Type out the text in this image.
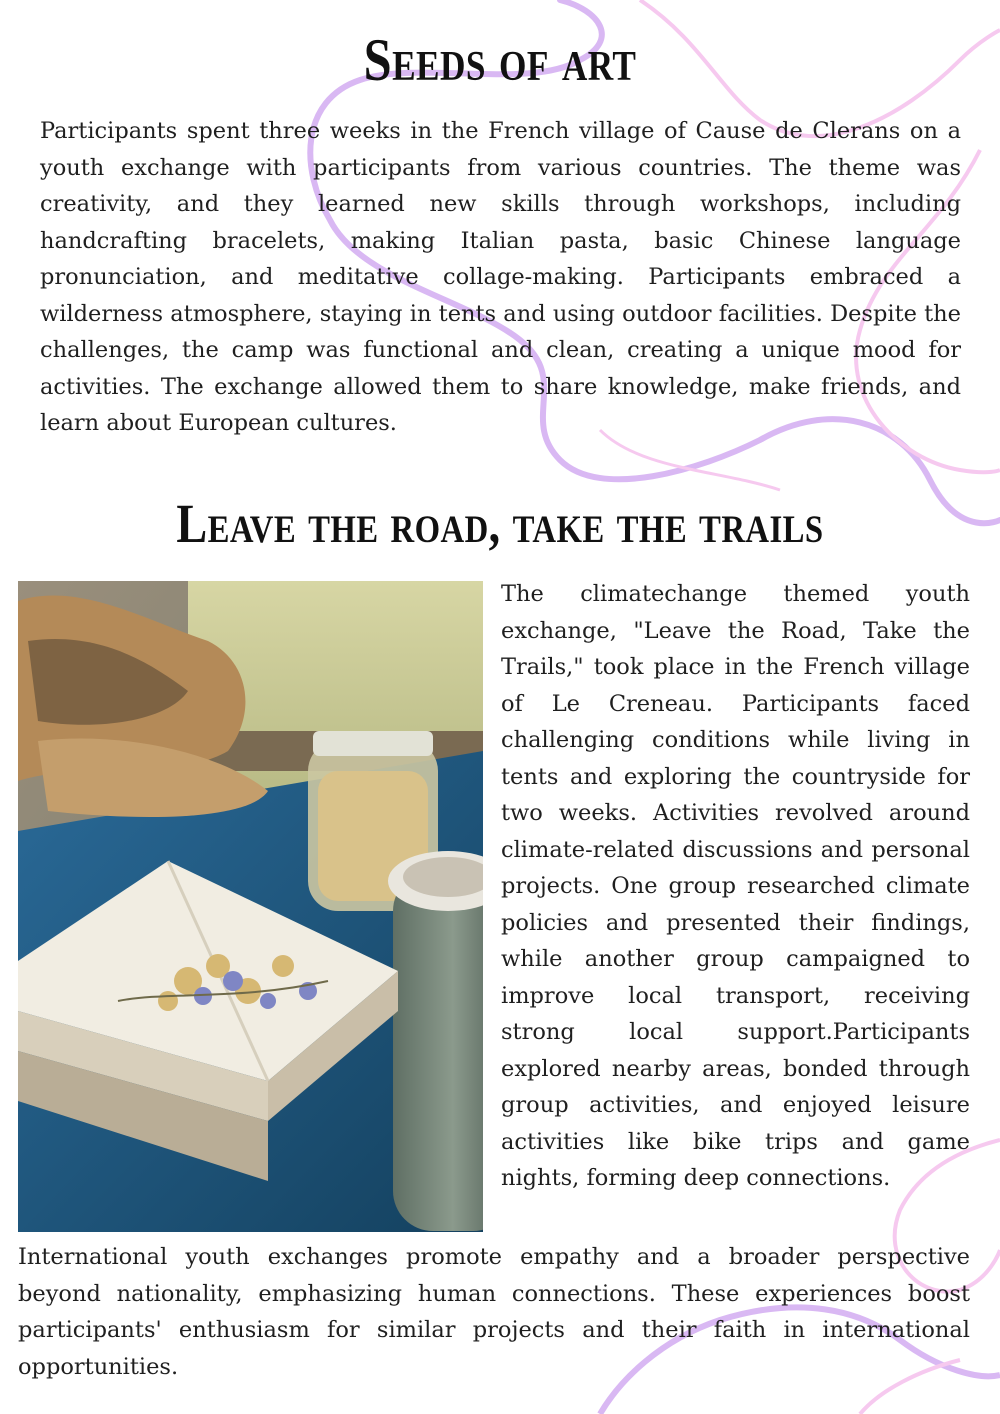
Seeds of art

Participants spent three weeks in the French village of Cause de Clerans on a youth exchange with participants from various countries. The theme was creativity, and they learned new skills through workshops, including handcrafting bracelets, making Italian pasta, basic Chinese language pronunciation, and meditative collage-making. Participants embraced a wilderness atmosphere, staying in tents and using outdoor facilities. Despite the challenges, the camp was functional and clean, creating a unique mood for activities. The exchange allowed them to share knowledge, make friends, and learn about European cultures.

Leave the road, take the trails

The climatechange themed youth exchange, "Leave the Road, Take the Trails," took place in the French village of Le Creneau. Participants faced challenging conditions while living in tents and exploring the countryside for two weeks. Activities revolved around climate-related discussions and personal projects. One group researched climate policies and presented their findings, while another group campaigned to improve local transport, receiving strong local support.Participants explored nearby areas, bonded through group activities, and enjoyed leisure activities like bike trips and game nights, forming deep connections.

International youth exchanges promote empathy and a broader perspective beyond nationality, emphasizing human connections. These experiences boost participants' enthusiasm for similar projects and their faith in international opportunities.
